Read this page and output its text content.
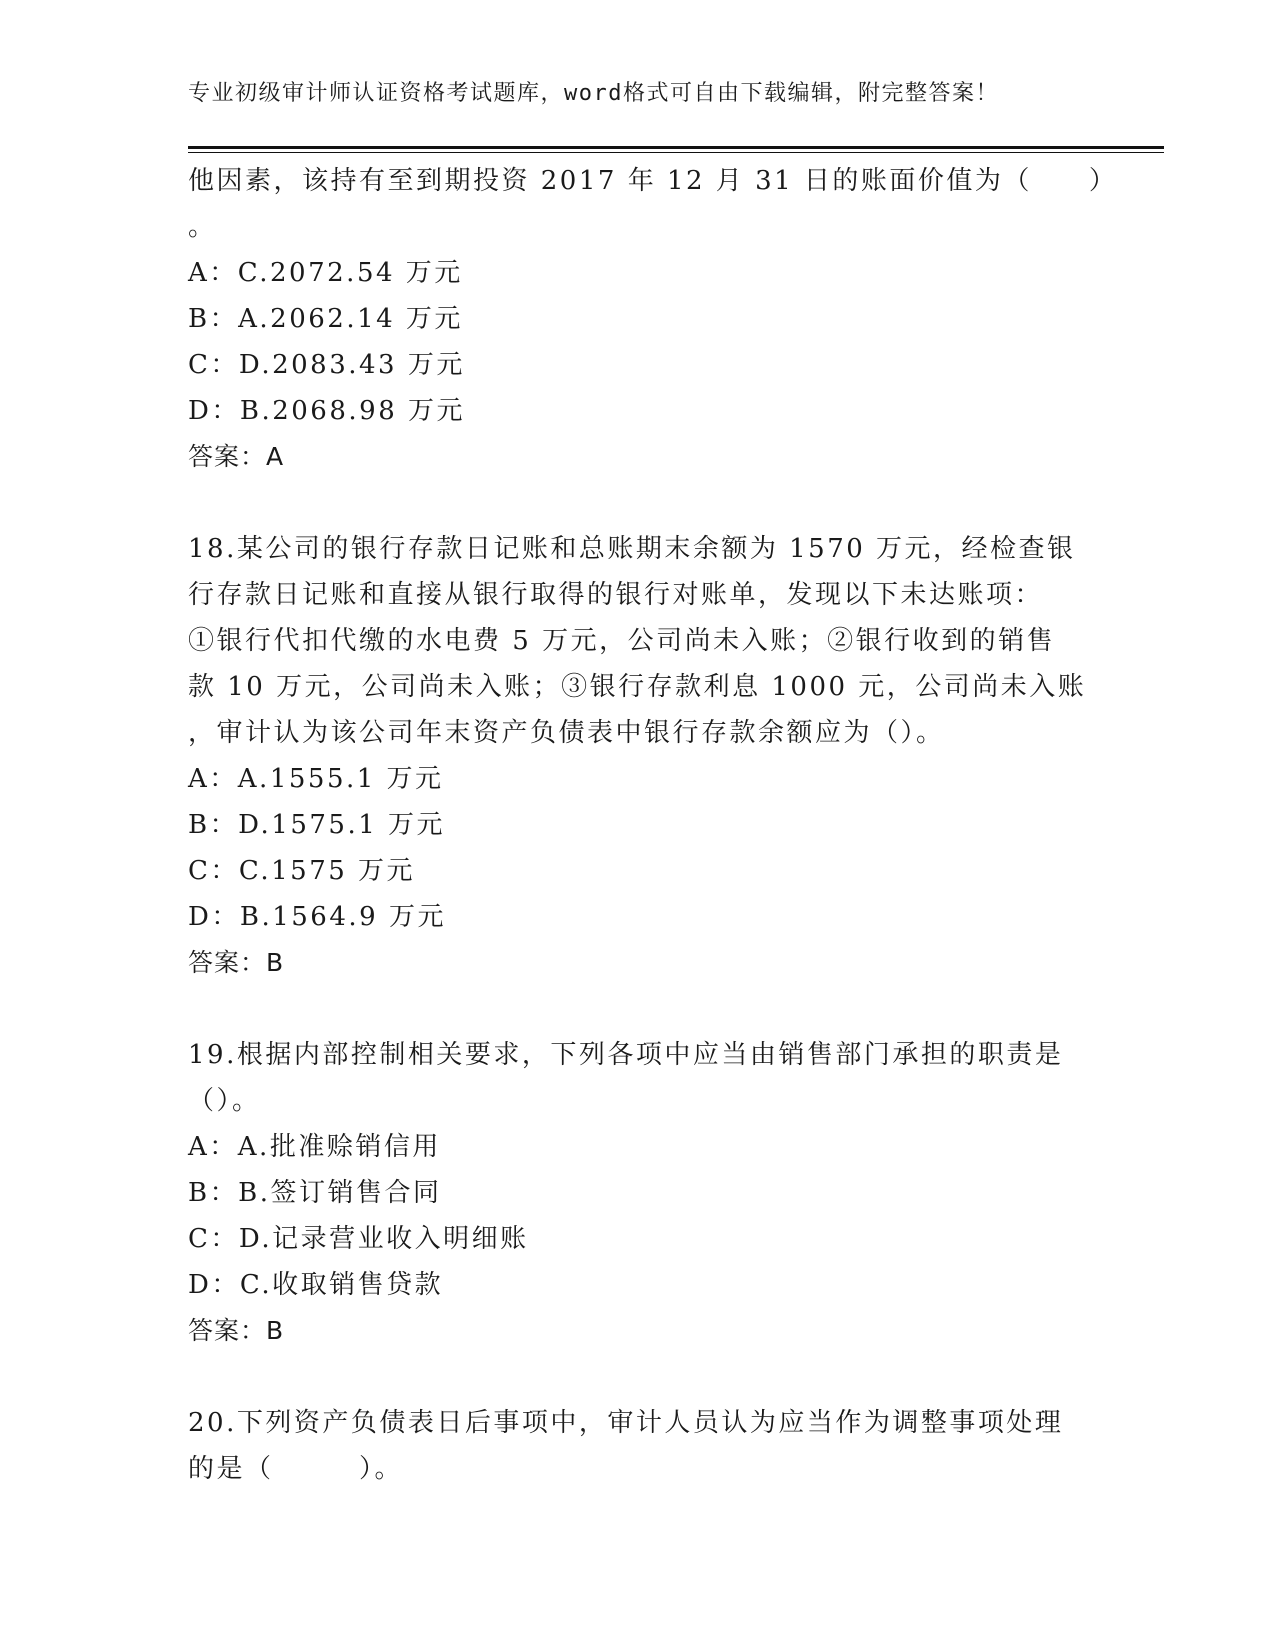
专业初级审计师认证资格考试题库，word格式可自由下载编辑，附完整答案！
他因素，该持有至到期投资 2017 年 12 月 31 日的账面价值为（　　）
。
A：C.2072.54 万元
B：A.2062.14 万元
C：D.2083.43 万元
D：B.2068.98 万元
答案：A
18.某公司的银行存款日记账和总账期末余额为 1570 万元，经检查银
行存款日记账和直接从银行取得的银行对账单，发现以下未达账项：
①银行代扣代缴的水电费 5 万元，公司尚未入账；②银行收到的销售
款 10 万元，公司尚未入账；③银行存款利息 1000 元，公司尚未入账
，审计认为该公司年末资产负债表中银行存款余额应为（）。
A：A.1555.1 万元
B：D.1575.1 万元
C：C.1575 万元
D：B.1564.9 万元
答案：B
19.根据内部控制相关要求，下列各项中应当由销售部门承担的职责是
（）。
A：A.批准赊销信用
B：B.签订销售合同
C：D.记录营业收入明细账
D：C.收取销售贷款
答案：B
20.下列资产负债表日后事项中，审计人员认为应当作为调整事项处理
的是（　　　）。
